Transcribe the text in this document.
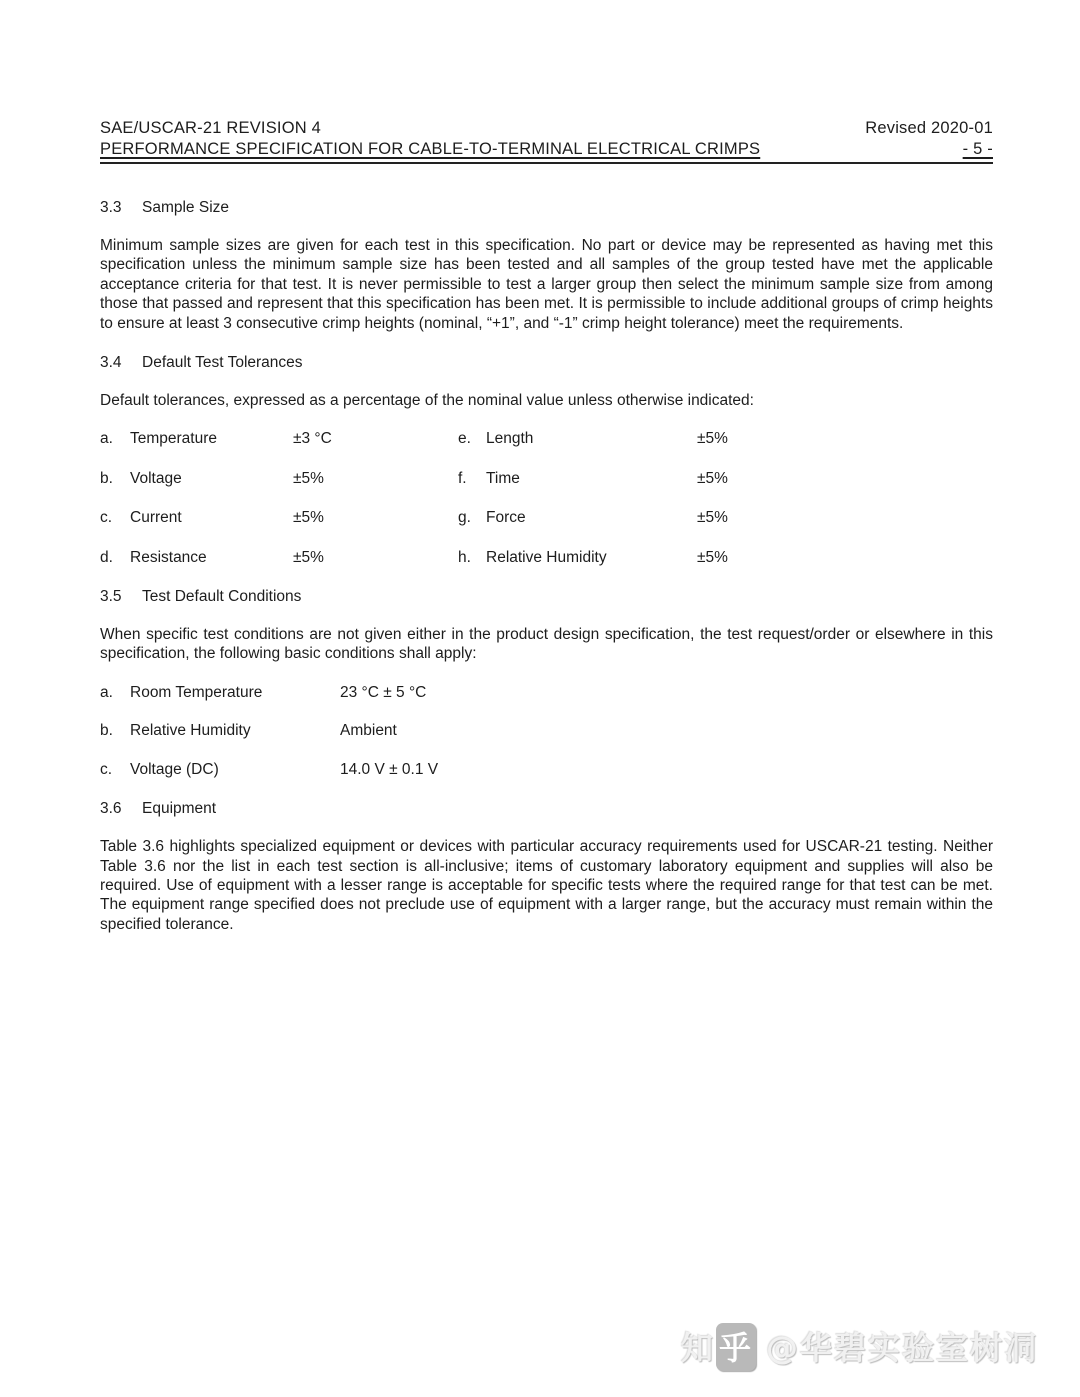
SAE/USCAR-21 REVISION 4	Revised 2020-01
PERFORMANCE SPECIFICATION FOR CABLE-TO-TERMINAL ELECTRICAL CRIMPS	- 5 -
3.3 Sample Size

Minimum sample sizes are given for each test in this specification. No part or device may be represented as having met this specification unless the minimum sample size has been tested and all samples of the group tested have met the applicable acceptance criteria for that test. It is never permissible to test a larger group then select the minimum sample size from among those that passed and represent that this specification has been met. It is permissible to include additional groups of crimp heights to ensure at least 3 consecutive crimp heights (nominal, “+1”, and “-1” crimp height tolerance) meet the requirements.

3.4 Default Test Tolerances

Default tolerances, expressed as a percentage of the nominal value unless otherwise indicated:

a.	Temperature	±3 °C	e. Length	±5%
b.	Voltage	±5%	f.	Time	±5%
c.	Current	±5%	g. Force	±5%
d.	Resistance	±5%	h. Relative Humidity	±5%
3.5 Test Default Conditions

When specific test conditions are not given either in the product design specification, the test request/order or elsewhere in this specification, the following basic conditions shall apply:

a.	Room Temperature	23 °C ± 5 °C
b.	Relative Humidity	Ambient
c.	Voltage (DC)	14.0 V ± 0.1 V
3.6 Equipment

Table 3.6 highlights specialized equipment or devices with particular accuracy requirements used for USCAR-21 testing. Neither Table 3.6 nor the list in each test section is all-inclusive; items of customary laboratory equipment and supplies will also be required. Use of equipment with a lesser range is acceptable for specific tests where the required range for that test can be met. The equipment range specified does not preclude use of equipment with a larger range, but the accuracy must remain within the specified tolerance.

知 乎 @华碧实验室树洞
